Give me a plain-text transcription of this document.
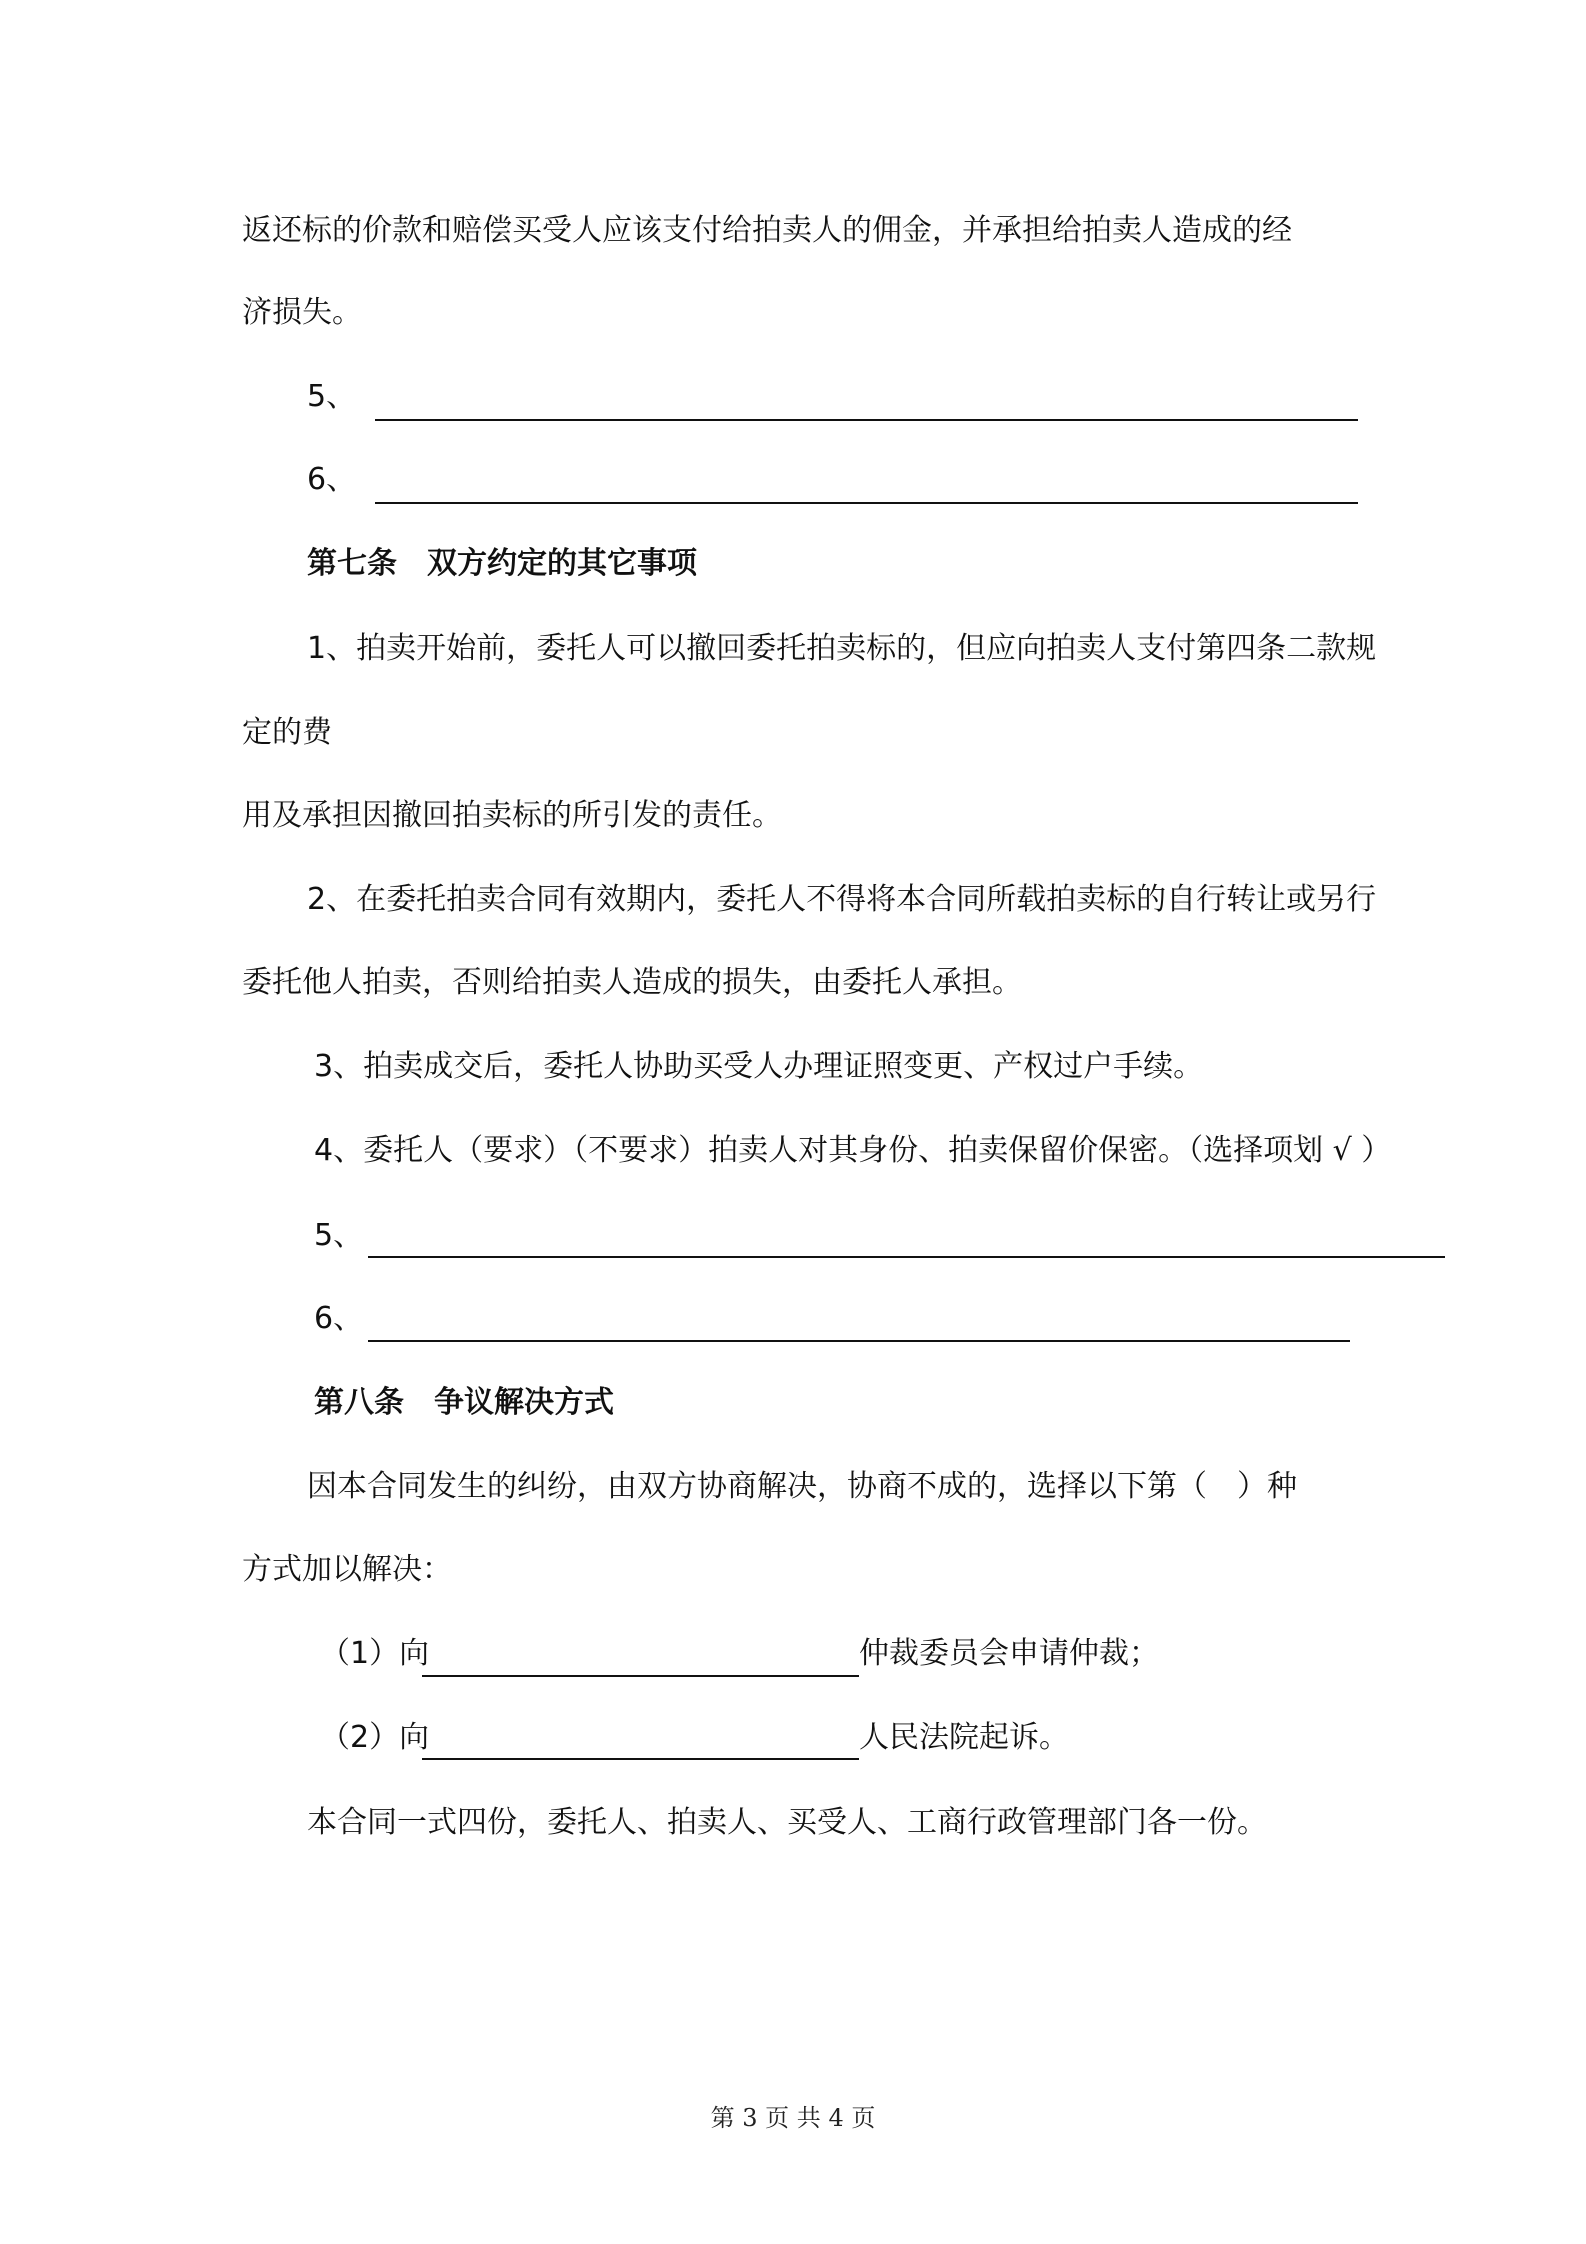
返还标的价款和赔偿买受人应该支付给拍卖人的佣金，并承担给拍卖人造成的经
济损失。
5、
6、
第七条　双方约定的其它事项
1、拍卖开始前，委托人可以撤回委托拍卖标的，但应向拍卖人支付第四条二款规
定的费
用及承担因撤回拍卖标的所引发的责任。
2、在委托拍卖合同有效期内，委托人不得将本合同所载拍卖标的自行转让或另行
委托他人拍卖，否则给拍卖人造成的损失，由委托人承担。
3、拍卖成交后，委托人协助买受人办理证照变更、产权过户手续。
4、委托人（要求）（不要求）拍卖人对其身份、拍卖保留价保密。（选择项划 √ ）
5、
6、
第八条　争议解决方式
因本合同发生的纠纷，由双方协商解决，协商不成的，选择以下第（　）种
方式加以解决：
（1）向	仲裁委员会申请仲裁；
（2）向	人民法院起诉。
本合同一式四份，委托人、拍卖人、买受人、工商行政管理部门各一份。
第 3 页 共 4 页
